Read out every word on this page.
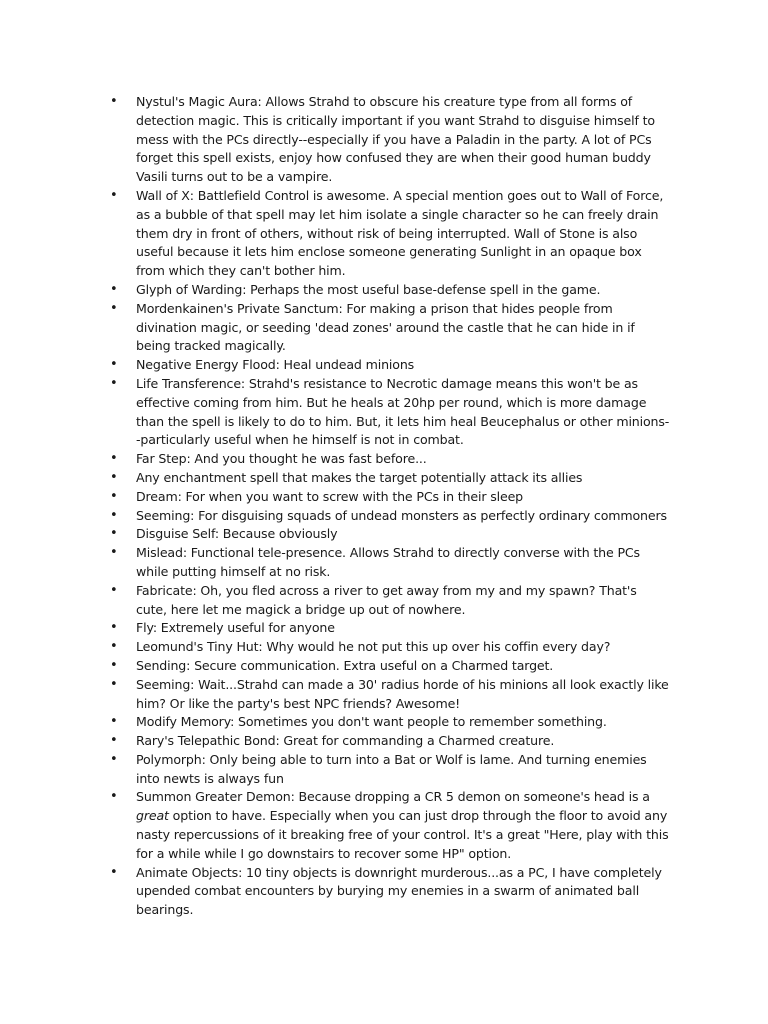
• Nystul's Magic Aura: Allows Strahd to obscure his creature type from all forms of detection magic. This is critically important if you want Strahd to disguise himself to mess with the PCs directly--especially if you have a Paladin in the party. A lot of PCs forget this spell exists, enjoy how confused they are when their good human buddy Vasili turns out to be a vampire.
• Wall of X: Battlefield Control is awesome. A special mention goes out to Wall of Force, as a bubble of that spell may let him isolate a single character so he can freely drain them dry in front of others, without risk of being interrupted. Wall of Stone is also useful because it lets him enclose someone generating Sunlight in an opaque box from which they can't bother him.
• Glyph of Warding: Perhaps the most useful base-defense spell in the game.
• Mordenkainen's Private Sanctum: For making a prison that hides people from divination magic, or seeding 'dead zones' around the castle that he can hide in if being tracked magically.
• Negative Energy Flood: Heal undead minions
• Life Transference: Strahd's resistance to Necrotic damage means this won't be as effective coming from him. But he heals at 20hp per round, which is more damage than the spell is likely to do to him. But, it lets him heal Beucephalus or other minions--particularly useful when he himself is not in combat.
• Far Step: And you thought he was fast before...
• Any enchantment spell that makes the target potentially attack its allies
• Dream: For when you want to screw with the PCs in their sleep
• Seeming: For disguising squads of undead monsters as perfectly ordinary commoners
• Disguise Self: Because obviously
• Mislead: Functional tele-presence. Allows Strahd to directly converse with the PCs while putting himself at no risk.
• Fabricate: Oh, you fled across a river to get away from my and my spawn? That's cute, here let me magick a bridge up out of nowhere.
• Fly: Extremely useful for anyone
• Leomund's Tiny Hut: Why would he not put this up over his coffin every day?
• Sending: Secure communication. Extra useful on a Charmed target.
• Seeming: Wait...Strahd can made a 30' radius horde of his minions all look exactly like him? Or like the party's best NPC friends? Awesome!
• Modify Memory: Sometimes you don't want people to remember something.
• Rary's Telepathic Bond: Great for commanding a Charmed creature.
• Polymorph: Only being able to turn into a Bat or Wolf is lame. And turning enemies into newts is always fun
• Summon Greater Demon: Because dropping a CR 5 demon on someone's head is a great option to have. Especially when you can just drop through the floor to avoid any nasty repercussions of it breaking free of your control. It's a great "Here, play with this for a while while I go downstairs to recover some HP" option.
• Animate Objects: 10 tiny objects is downright murderous...as a PC, I have completely upended combat encounters by burying my enemies in a swarm of animated ball bearings.
